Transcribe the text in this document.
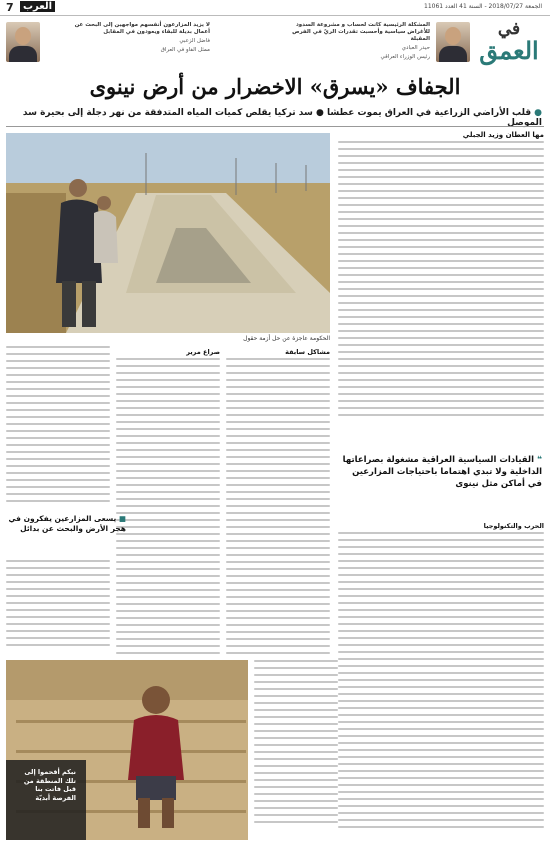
7 العرب	الجمعة 2018/07/27 - السنة 41 العدد 11061
في
العمق
المشكلة الرئيسية كانت لحساب و مشروعة السدود للأغراض سياسية وأحسبت تقدرات الريّ في الفرص المقبلة
حيدر العبادي
رئيس الوزراء العراقي
لا يزيد المزارعون أنفسهم مواجهين إلى البحث عن أعمال بديلة للبقاء ويعودون في المقابل
فاضل الزعبي
ممثل الفاو في العراق
الجفاف «يسرق» الاخضرار من أرض نينوى
●قلب الأراضي الزراعية في العراق يموت عطشا ● سد تركيا يقلص كميات المياه المتدفقة من نهر دجلة إلى بحيرة سد الموصل
الحكومة عاجزة عن حل أزمة حقول
مها العطان وزيد الجبلي
❝ القيادات السياسية العراقية مشغولة بصراعاتها الداخلية ولا تبدي اهتماما باحتياجات المزارعين في أماكن مثل نينوى
صراع مرير	مشاكل سابقة
الحرب والتكنولوجيا
■ يسعى المزارعين يفكرون في هجر الأرض والبحث عن بدائل
نبكم أقحموا إلى تلك المنطقة من قبل فاتت بنا الفرصة أبديّة
